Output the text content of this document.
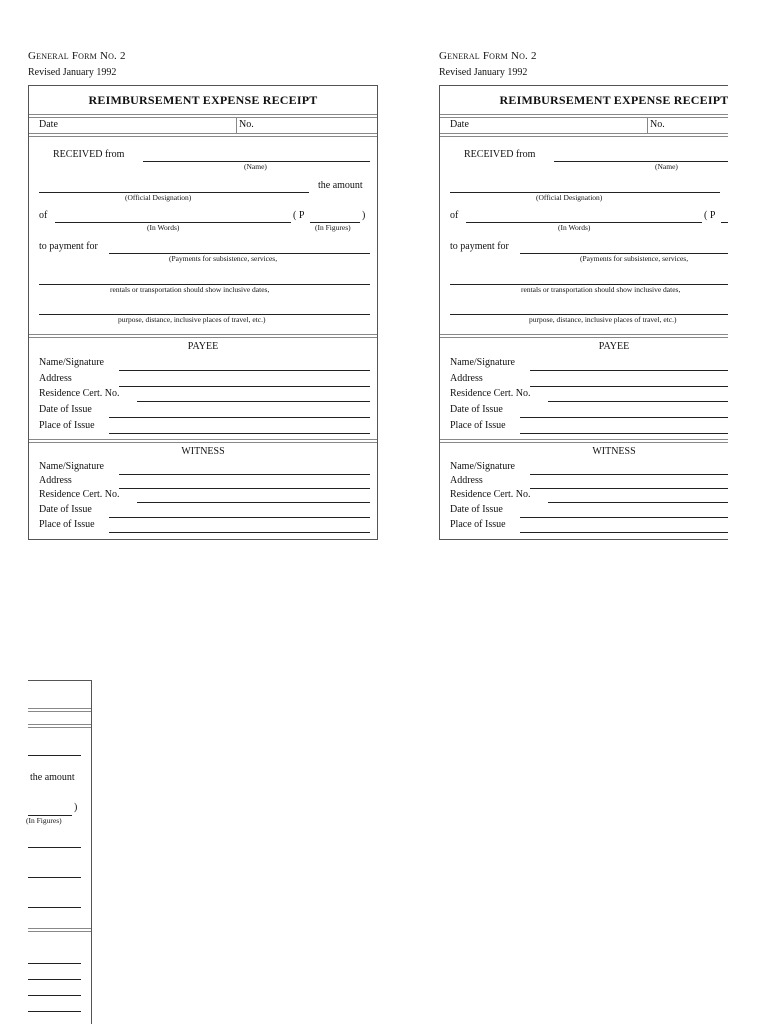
General Form No. 2
Revised January 1992
REIMBURSEMENT EXPENSE RECEIPT
Date	No.
RECEIVED from
(Name)
(Official Designation)
the amount
of
(In Words)
( P	)
(In Figures)
to payment for
(Payments for subsistence, services,
rentals or transportation should show inclusive dates,
purpose, distance, inclusive places of travel, etc.)
PAYEE
Name/Signature
Address
Residence Cert. No.
Date of Issue
Place of Issue
WITNESS
Name/Signature
Address
Residence Cert. No.
Date of Issue
Place of Issue
General Form No. 2
Revised January 1992
REIMBURSEMENT EXPENSE RECEIPT
Date	No.
RECEIVED from
(Name)
(Official Designation)
of
(In Words)
( P
to payment for
(Payments for subsistence, services,
rentals or transportation should show inclusive dates,
purpose, distance, inclusive places of travel, etc.)
PAYEE
Name/Signature
Address
Residence Cert. No.
Date of Issue
Place of Issue
WITNESS
Name/Signature
Address
Residence Cert. No.
Date of Issue
Place of Issue
the amount
)
(In Figures)
